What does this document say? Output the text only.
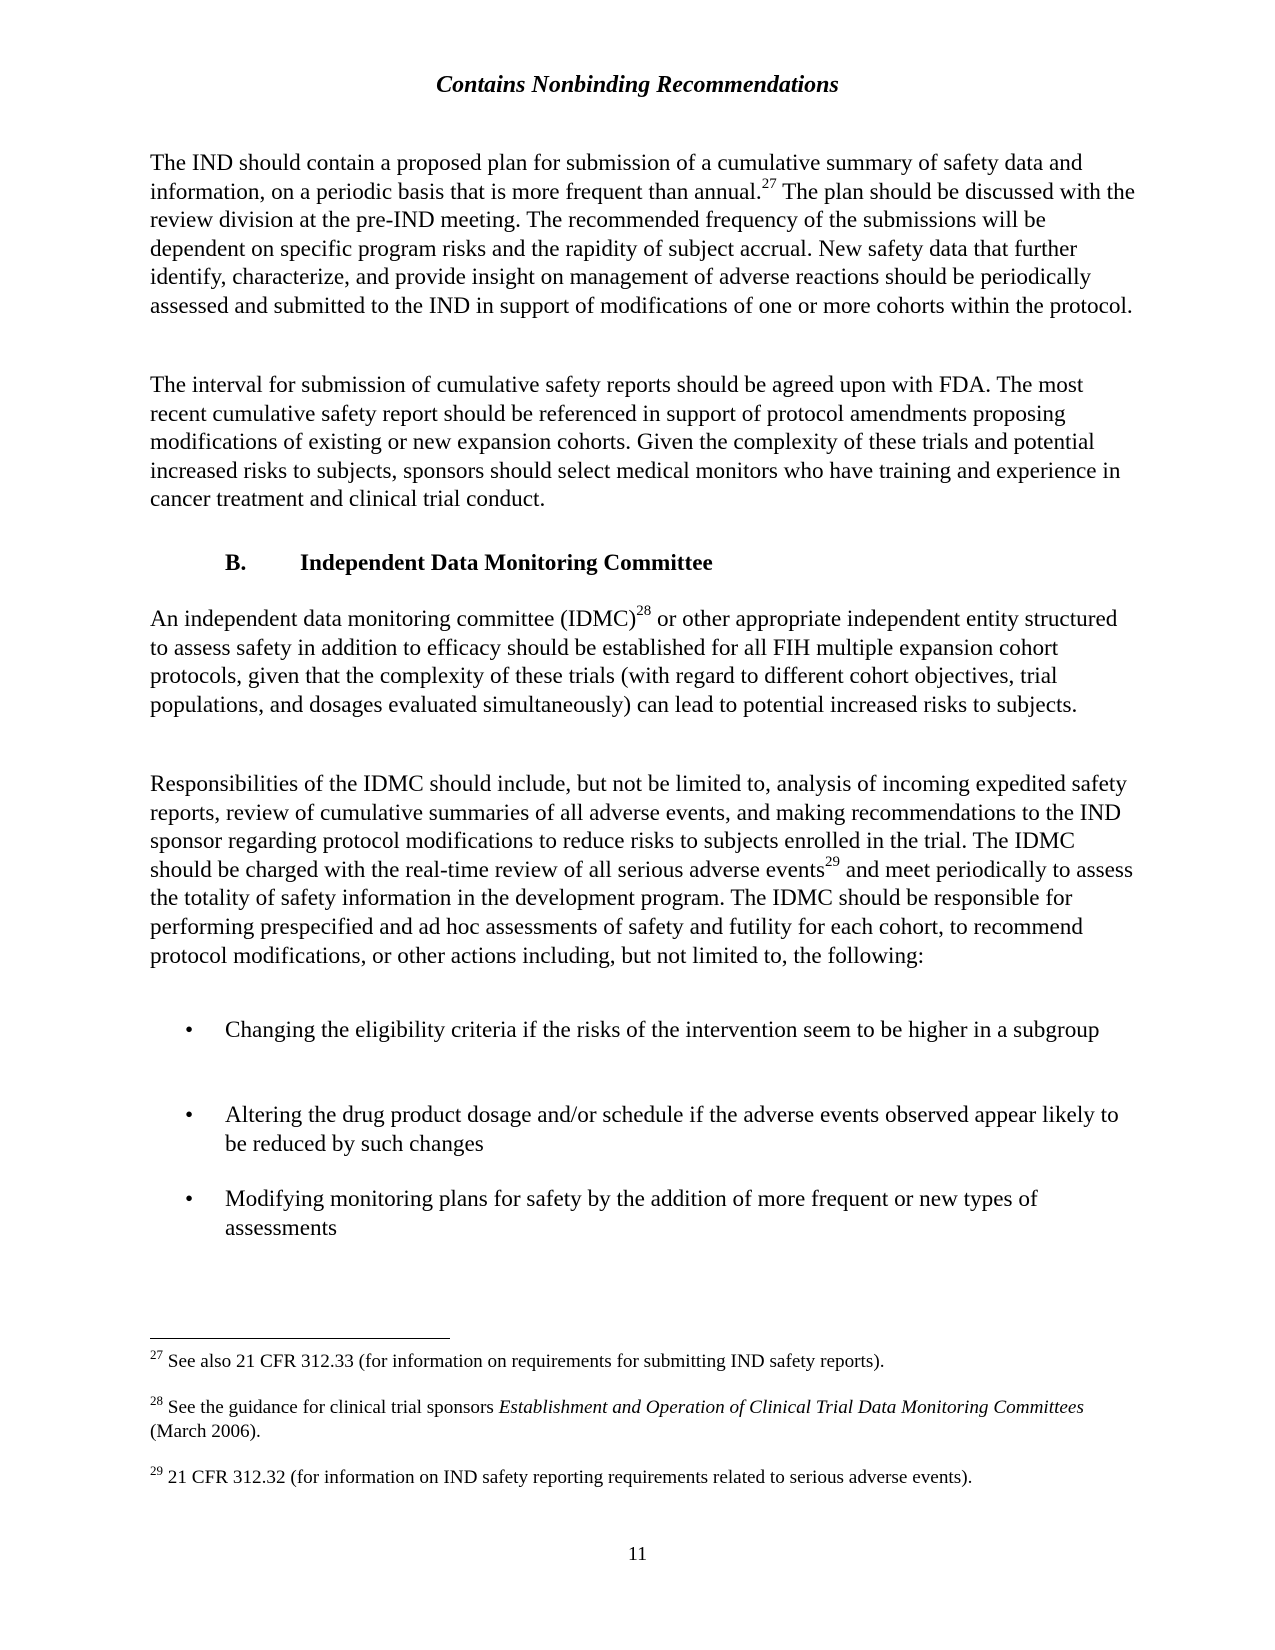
Contains Nonbinding Recommendations

The IND should contain a proposed plan for submission of a cumulative summary of safety data and information, on a periodic basis that is more frequent than annual.$^{27}$ The plan should be discussed with the review division at the pre-IND meeting. The recommended frequency of the submissions will be dependent on specific program risks and the rapidity of subject accrual. New safety data that further identify, characterize, and provide insight on management of adverse reactions should be periodically assessed and submitted to the IND in support of modifications of one or more cohorts within the protocol.

The interval for submission of cumulative safety reports should be agreed upon with FDA. The most recent cumulative safety report should be referenced in support of protocol amendments proposing modifications of existing or new expansion cohorts. Given the complexity of these trials and potential increased risks to subjects, sponsors should select medical monitors who have training and experience in cancer treatment and clinical trial conduct.

B. Independent Data Monitoring Committee

An independent data monitoring committee (IDMC)$^{28}$ or other appropriate independent entity structured to assess safety in addition to efficacy should be established for all FIH multiple expansion cohort protocols, given that the complexity of these trials (with regard to different cohort objectives, trial populations, and dosages evaluated simultaneously) can lead to potential increased risks to subjects.

Responsibilities of the IDMC should include, but not be limited to, analysis of incoming expedited safety reports, review of cumulative summaries of all adverse events, and making recommendations to the IND sponsor regarding protocol modifications to reduce risks to subjects enrolled in the trial. The IDMC should be charged with the real-time review of all serious adverse events$^{29}$ and meet periodically to assess the totality of safety information in the development program. The IDMC should be responsible for performing prespecified and ad hoc assessments of safety and futility for each cohort, to recommend protocol modifications, or other actions including, but not limited to, the following:

• Changing the eligibility criteria if the risks of the intervention seem to be higher in a subgroup
• Altering the drug product dosage and/or schedule if the adverse events observed appear likely to be reduced by such changes
• Modifying monitoring plans for safety by the addition of more frequent or new types of assessments
$^{27}$ See also 21 CFR 312.33 (for information on requirements for submitting IND safety reports).
$^{28}$ See the guidance for clinical trial sponsors Establishment and Operation of Clinical Trial Data Monitoring Committees (March 2006).
$^{29}$ 21 CFR 312.32 (for information on IND safety reporting requirements related to serious adverse events).
11
